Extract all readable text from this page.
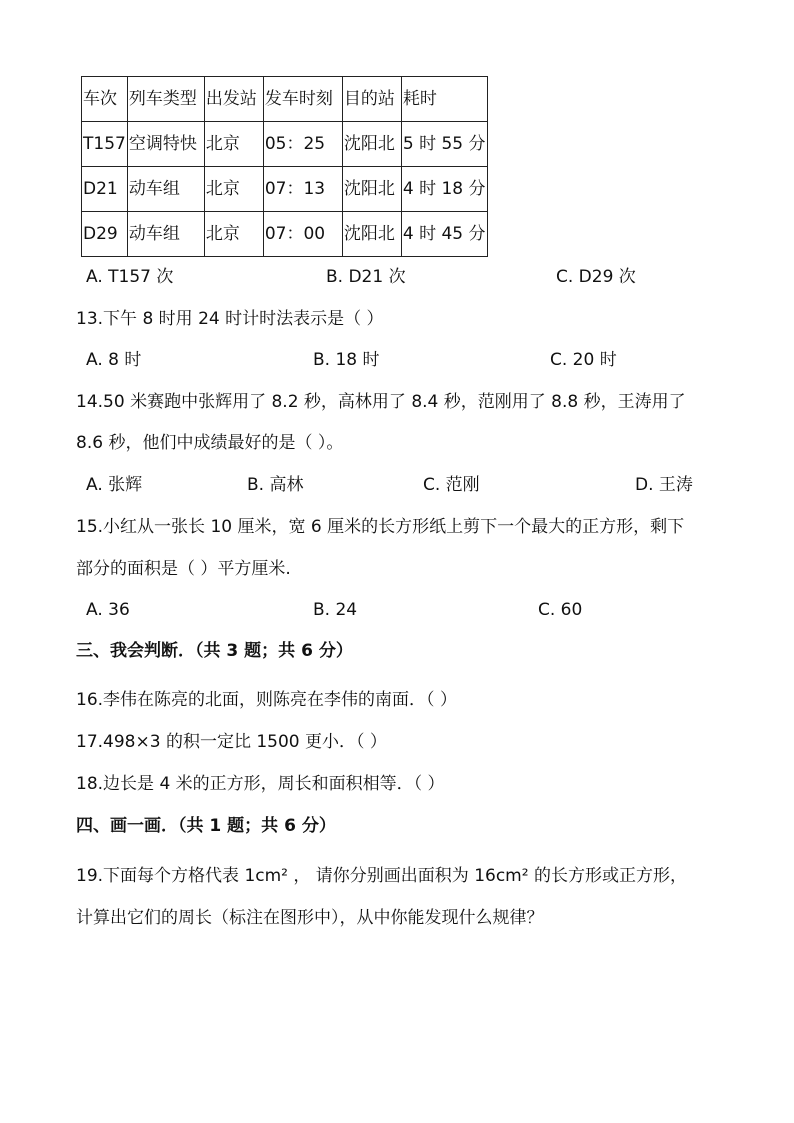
车次	列车类型	出发站	发车时刻	目的站	耗时
T157	空调特快	北京	05：25	沈阳北	5 时 55 分
D21	动车组	北京	07：13	沈阳北	4 时 18 分
D29	动车组	北京	07：00	沈阳北	4 时 45 分
A. T157 次	B. D21 次	C. D29 次
13.下午 8 时用 24 时计时法表示是（ ）
A. 8 时	B. 18 时	C. 20 时
14.50 米赛跑中张辉用了 8.2 秒，高林用了 8.4 秒，范刚用了 8.8 秒，王涛用了
8.6 秒，他们中成绩最好的是（ ）。
A. 张辉	B. 高林	C. 范刚	D. 王涛
15.小红从一张长 10 厘米，宽 6 厘米的长方形纸上剪下一个最大的正方形，剩下
部分的面积是（ ）平方厘米.
A. 36	B. 24	C. 60
三、我会判断．（共 3 题；共 6 分）
16.李伟在陈亮的北面，则陈亮在李伟的南面．（ ）
17.498×3 的积一定比 1500 更小．（ ）
18.边长是 4 米的正方形，周长和面积相等．（ ）
四、画一画．（共 1 题；共 6 分）
19.下面每个方格代表 1cm² ， 请你分别画出面积为 16cm² 的长方形或正方形，
计算出它们的周长（标注在图形中），从中你能发现什么规律？
